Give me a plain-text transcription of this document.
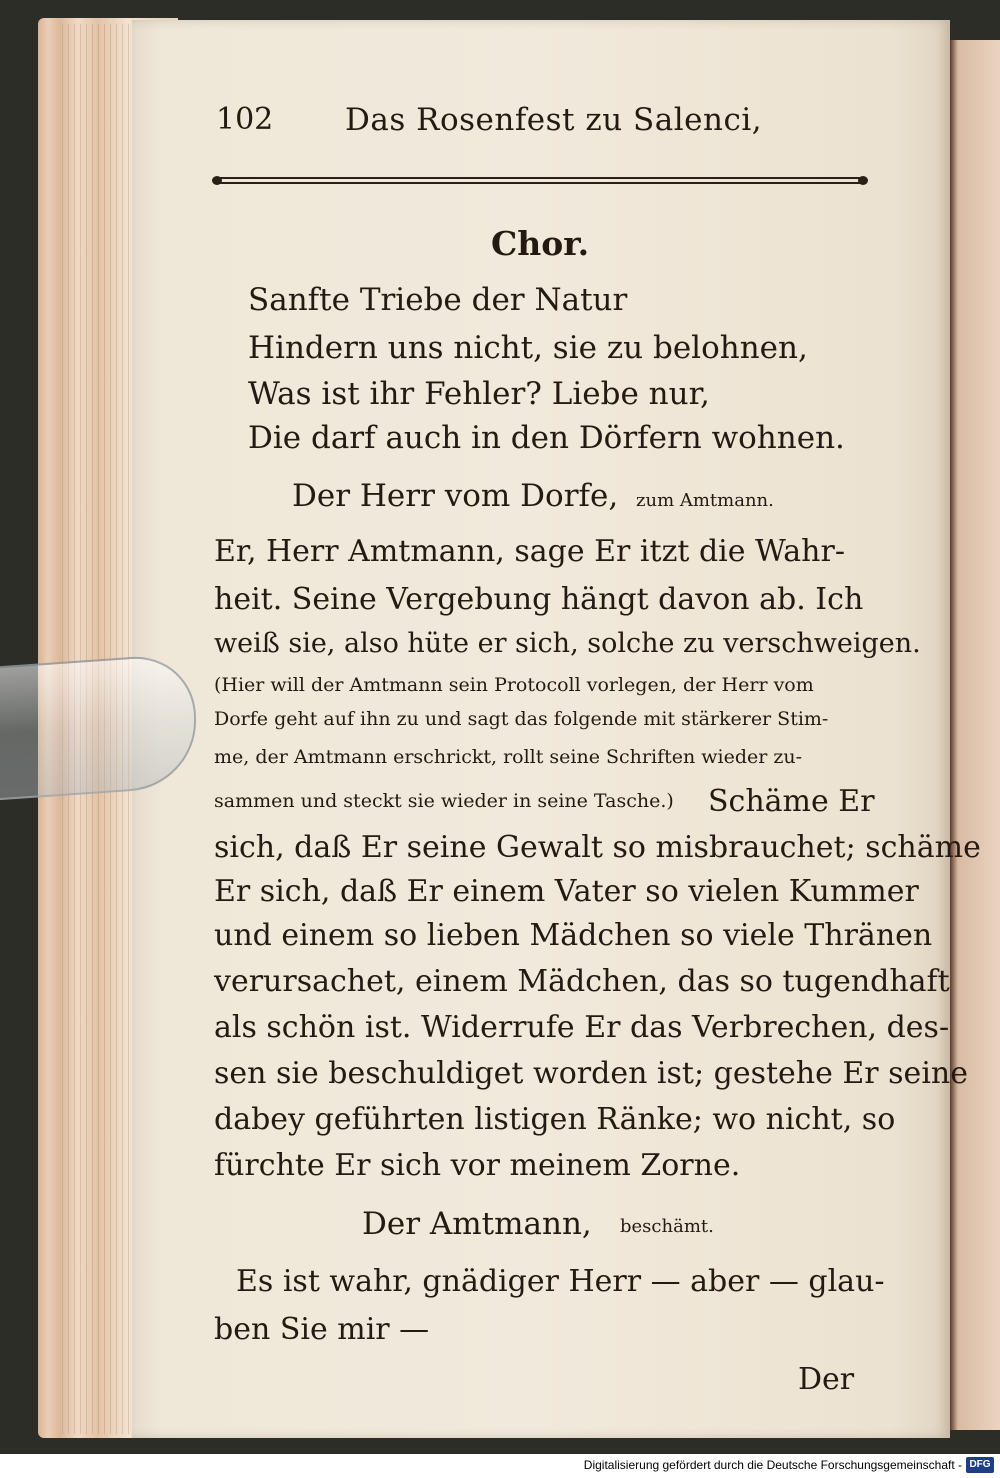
102 Das Rosenfest zu Salenci,
Chor.
Sanfte Triebe der Natur
Hindern uns nicht, sie zu belohnen,
Was ist ihr Fehler? Liebe nur,
Die darf auch in den Dörfern wohnen.
Der Herr vom Dorfe, zum Amtmann.
Er, Herr Amtmann, sage Er itzt die Wahr-
heit. Seine Vergebung hängt davon ab. Ich
weiß sie, also hüte er sich, solche zu verschweigen.
(Hier will der Amtmann sein Protocoll vorlegen, der Herr vom
Dorfe geht auf ihn zu und sagt das folgende mit stärkerer Stim-
me, der Amtmann erschrickt, rollt seine Schriften wieder zu-
sammen und steckt sie wieder in seine Tasche.) Schäme Er
sich, daß Er seine Gewalt so misbrauchet; schäme
Er sich, daß Er einem Vater so vielen Kummer
und einem so lieben Mädchen so viele Thränen
verursachet, einem Mädchen, das so tugendhaft
als schön ist. Widerrufe Er das Verbrechen, des-
sen sie beschuldiget worden ist; gestehe Er seine
dabey geführten listigen Ränke; wo nicht, so
fürchte Er sich vor meinem Zorne.
Der Amtmann, beschämt.
Es ist wahr, gnädiger Herr — aber — glau-
ben Sie mir —
Der
Digitalisierung gefördert durch die Deutsche Forschungsgemeinschaft - DFG
